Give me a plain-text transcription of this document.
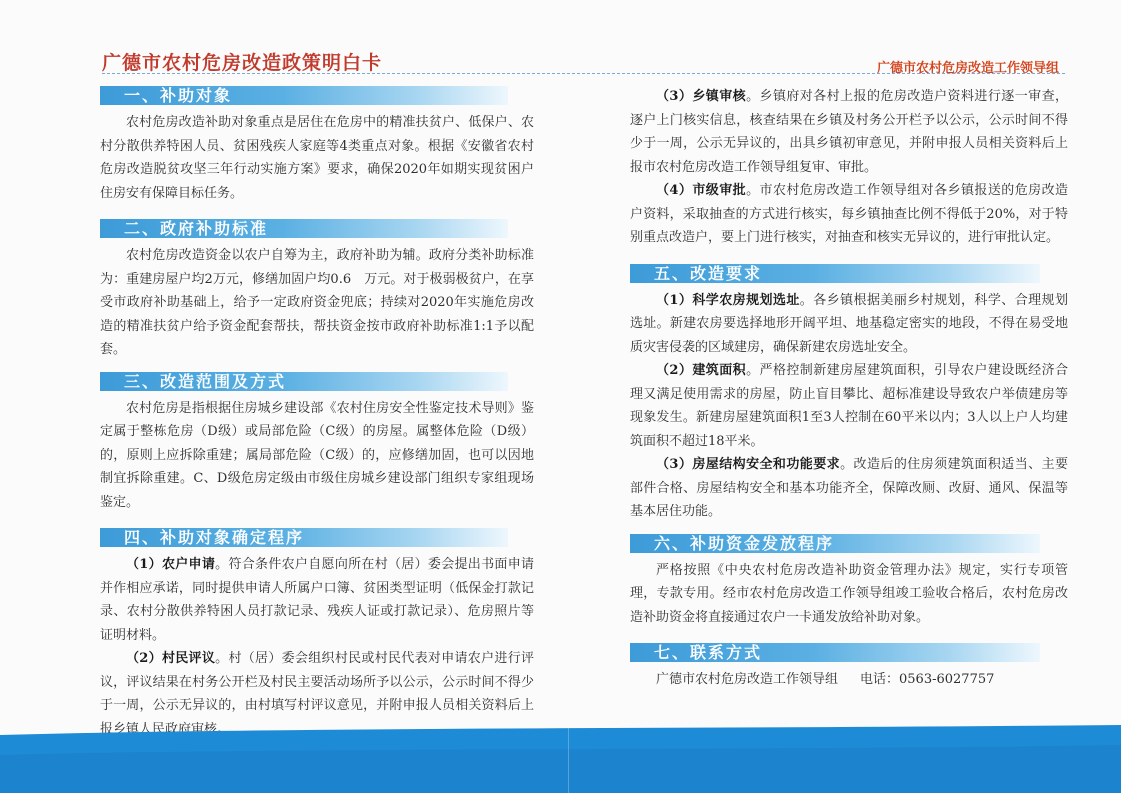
广德市农村危房改造政策明白卡	广德市农村危房改造工作领导组
一、补助对象

农村危房改造补助对象重点是居住在危房中的精准扶贫户、低保户、农村分散供养特困人员、贫困残疾人家庭等4类重点对象。根据《安徽省农村危房改造脱贫攻坚三年行动实施方案》要求，确保2020年如期实现贫困户住房安有保障目标任务。

二、政府补助标准

农村危房改造资金以农户自筹为主，政府补助为辅。政府分类补助标准为：重建房屋户均2万元，修缮加固户均0.6　万元。对于极弱极贫户，在享受市政府补助基础上，给予一定政府资金兜底；持续对2020年实施危房改造的精准扶贫户给予资金配套帮扶，帮扶资金按市政府补助标准1:1予以配套。

三、改造范围及方式

农村危房是指根据住房城乡建设部《农村住房安全性鉴定技术导则》鉴定属于整栋危房（D级）或局部危险（C级）的房屋。属整体危险（D级）的，原则上应拆除重建；属局部危险（C级）的，应修缮加固，也可以因地制宜拆除重建。C、D级危房定级由市级住房城乡建设部门组织专家组现场鉴定。

四、补助对象确定程序

（1）农户申请。符合条件农户自愿向所在村（居）委会提出书面申请并作相应承诺，同时提供申请人所属户口簿、贫困类型证明（低保金打款记录、农村分散供养特困人员打款记录、残疾人证或打款记录）、危房照片等证明材料。

（2）村民评议。村（居）委会组织村民或村民代表对申请农户进行评议，评议结果在村务公开栏及村民主要活动场所予以公示，公示时间不得少于一周，公示无异议的，由村填写村评议意见，并附申报人员相关资料后上报乡镇人民政府审核。

（3）乡镇审核。乡镇府对各村上报的危房改造户资料进行逐一审查，逐户上门核实信息，核查结果在乡镇及村务公开栏予以公示，公示时间不得少于一周，公示无异议的，出具乡镇初审意见，并附申报人员相关资料后上报市农村危房改造工作领导组复审、审批。

（4）市级审批。市农村危房改造工作领导组对各乡镇报送的危房改造户资料，采取抽查的方式进行核实，每乡镇抽查比例不得低于20%，对于特别重点改造户，要上门进行核实，对抽查和核实无异议的，进行审批认定。

五、改造要求

（1）科学农房规划选址。各乡镇根据美丽乡村规划，科学、合理规划选址。新建农房要选择地形开阔平坦、地基稳定密实的地段，不得在易受地质灾害侵袭的区域建房，确保新建农房选址安全。

（2）建筑面积。严格控制新建房屋建筑面积，引导农户建设既经济合理又满足使用需求的房屋，防止盲目攀比、超标准建设导致农户举债建房等现象发生。新建房屋建筑面积1至3人控制在60平米以内；3人以上户人均建筑面积不超过18平米。

（3）房屋结构安全和功能要求。改造后的住房须建筑面积适当、主要部件合格、房屋结构安全和基本功能齐全，保障改厕、改厨、通风、保温等基本居住功能。

六、补助资金发放程序

严格按照《中央农村危房改造补助资金管理办法》规定，实行专项管理，专款专用。经市农村危房改造工作领导组竣工验收合格后，农村危房改造补助资金将直接通过农户一卡通发放给补助对象。

七、联系方式

广德市农村危房改造工作领导组 电话：0563-6027757
